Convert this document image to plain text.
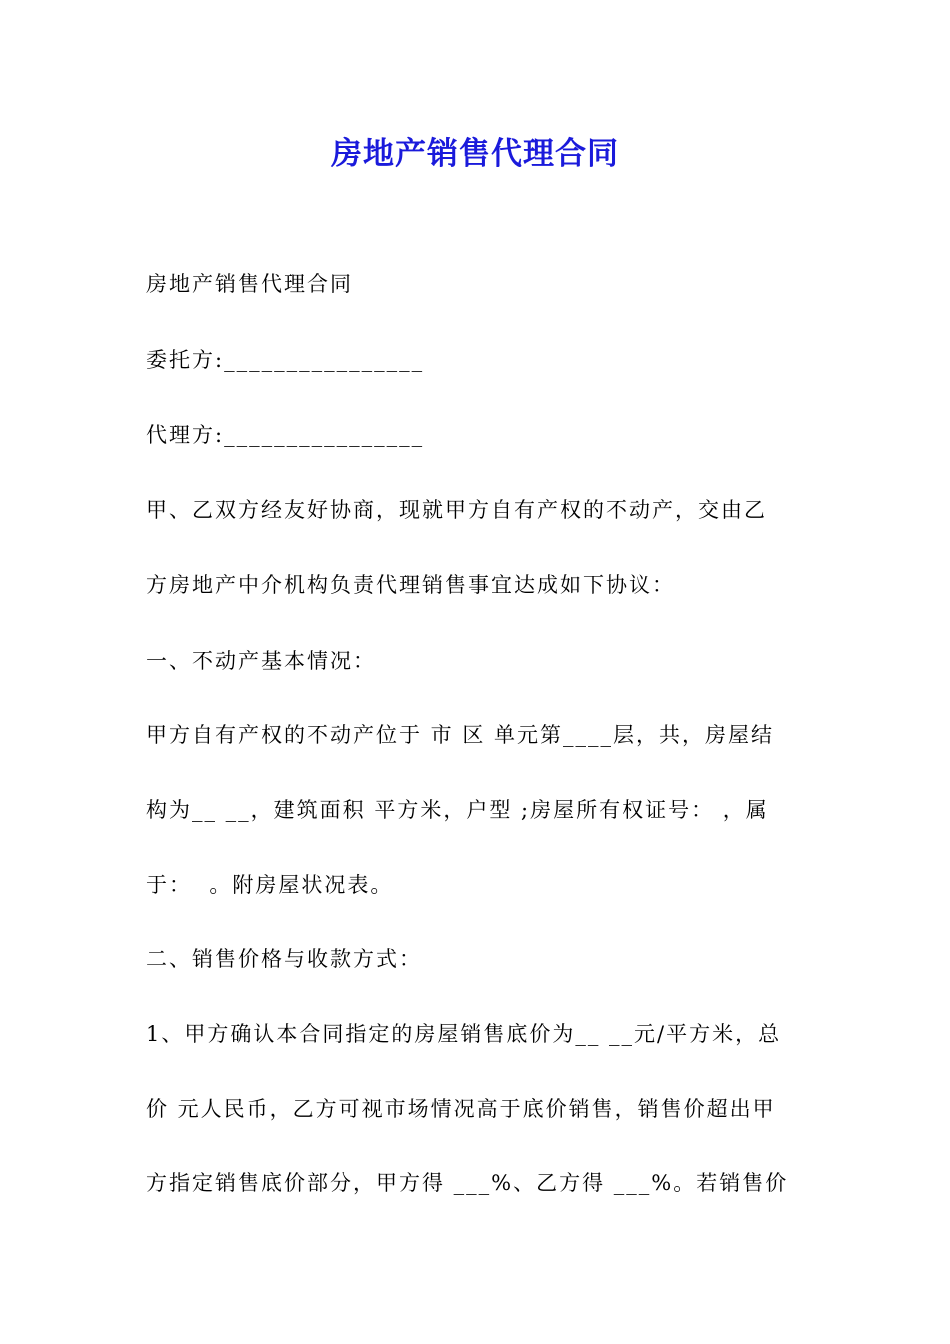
房地产销售代理合同
房地产销售代理合同
委托方:________________
代理方:________________
甲、乙双方经友好协商，现就甲方自有产权的不动产，交由乙
方房地产中介机构负责代理销售事宜达成如下协议：
一、不动产基本情况：
甲方自有产权的不动产位于 市 区 单元第____层，共，房屋结
构为__ __，建筑面积 平方米，户型 ;房屋所有权证号： ，属
于：  。附房屋状况表。
二、销售价格与收款方式：
1、甲方确认本合同指定的房屋销售底价为__ __元/平方米，总
价 元人民币，乙方可视市场情况高于底价销售，销售价超出甲
方指定销售底价部分，甲方得 ___%、乙方得 ___%。若销售价
